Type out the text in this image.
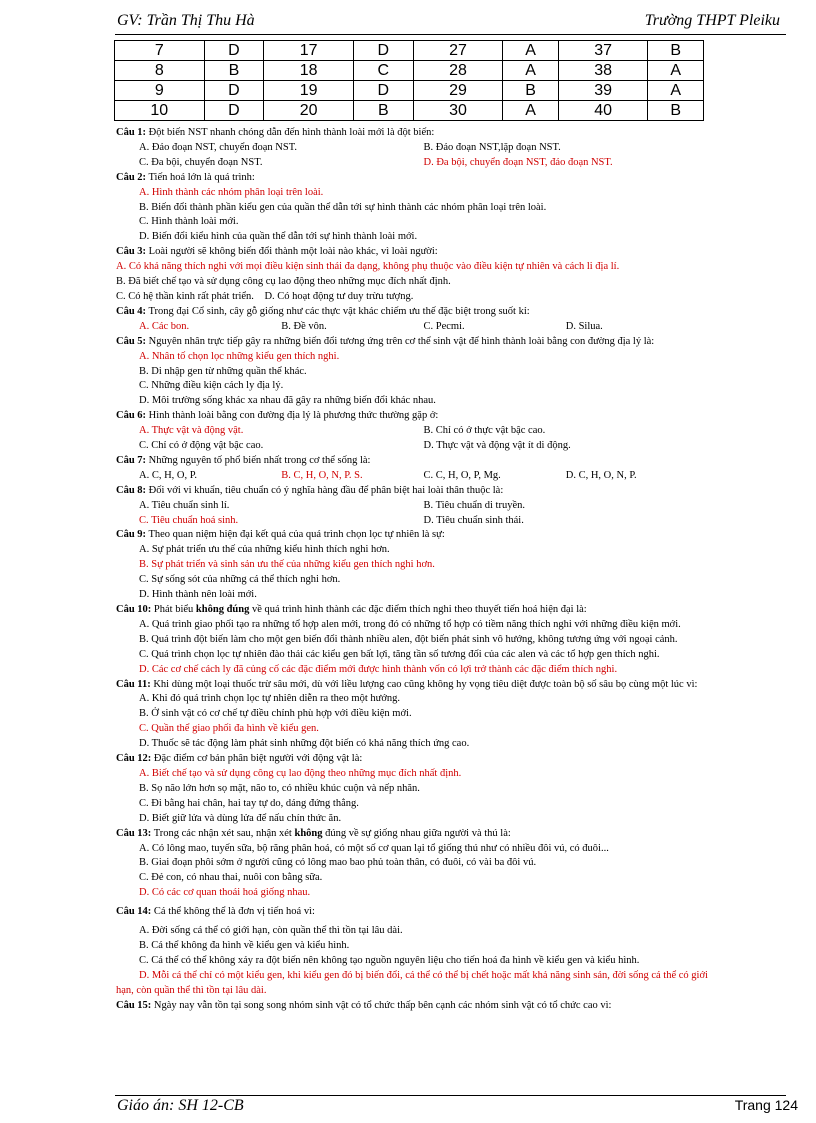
GV: Trần Thị Thu Hà	Trường THPT Pleiku
7	D	17	D	27	A	37	B
8	B	18	C	28	A	38	A
9	D	19	D	29	B	39	A
10	D	20	B	30	A	40	B
Câu 1: Đột biến NST nhanh chóng dẫn đến hình thành loài mới là đột biến:
A. Đảo đoạn NST, chuyển đoạn NST.	B. Đảo đoạn NST,lặp đoạn NST.
C. Đa bội, chuyển đoạn NST.	D. Đa bội, chuyển đoạn NST, đảo đoạn NST.
Câu 2: Tiến hoá lớn là quá trình:
A. Hình thành các nhóm phân loại trên loài.
B. Biến đổi thành phần kiểu gen của quần thể dẫn tới sự hình thành các nhóm phân loại trên loài.
C. Hình thành loài mới.
D. Biến đổi kiểu hình của quần thể dẫn tới sự hình thành loài mới.
Câu 3: Loài người sẽ không biến đổi thành một loài nào khác, vì loài người:
A. Có khả năng thích nghi với mọi điều kiện sinh thái đa dạng, không phụ thuộc vào điều kiện tự nhiên và cách li địa lí.
B. Đã biết chế tạo và sử dụng công cụ lao động theo những mục đích nhất định.
C. Có hệ thần kinh rất phát triển. D. Có hoạt động tư duy trừu tượng.
Câu 4: Trong đại Cổ sinh, cây gỗ giống như các thực vật khác chiếm ưu thế đặc biệt trong suốt kỉ:
A. Các bon.	B. Đề vôn.	C. Pecmi.	D. Silua.
Câu 5: Nguyên nhân trực tiếp gây ra những biến đổi tương ứng trên cơ thể sinh vật để hình thành loài bằng con đường địa lý là:
A. Nhân tố chọn lọc những kiểu gen thích nghi.
B. Di nhập gen từ những quần thể khác.
C. Những điều kiện cách ly địa lý.
D. Môi trường sống khác xa nhau đã gây ra những biến đổi khác nhau.
Câu 6: Hình thành loài bằng con đường địa lý là phương thức thường gặp ở:
A. Thực vật và động vật.	B. Chỉ có ở thực vật bậc cao.
C. Chỉ có ở động vật bậc cao.	D. Thực vật và động vật ít di động.
Câu 7: Những nguyên tố phổ biến nhất trong cơ thể sống là:
A. C, H, O, P.	B. C, H, O, N, P. S.	C. C, H, O, P, Mg.	D. C, H, O, N, P.
Câu 8: Đối với vi khuẩn, tiêu chuẩn có ý nghĩa hàng đầu để phân biệt hai loài thân thuộc là:
A. Tiêu chuẩn sinh lí.	B. Tiêu chuẩn di truyền.
C. Tiêu chuẩn hoá sinh.	D. Tiêu chuẩn sinh thái.
Câu 9: Theo quan niệm hiện đại kết quả của quá trình chọn lọc tự nhiên là sự:
A. Sự phát triển ưu thế của những kiểu hình thích nghi hơn.
B. Sự phát triển và sinh sản ưu thế của những kiểu gen thích nghi hơn.
C. Sự sống sót của những cá thể thích nghi hơn.
D. Hình thành nên loài mới.
Câu 10: Phát biểu không đúng về quá trình hình thành các đặc điểm thích nghi theo thuyết tiến hoá hiện đại là:
A. Quá trình giao phối tạo ra những tổ hợp alen mới, trong đó có những tổ hợp có tiềm năng thích nghi với những điều kiện mới.
B. Quá trình đột biến làm cho một gen biến đổi thành nhiều alen, đột biến phát sinh vô hướng, không tương ứng với ngoại cảnh.
C. Quá trình chọn lọc tự nhiên đào thải các kiểu gen bất lợi, tăng tần số tương đối của các alen và các tổ hợp gen thích nghi.
D. Các cơ chế cách ly đã củng cố các đặc điểm mới được hình thành vốn có lợi trở thành các đặc điểm thích nghi.
Câu 11: Khi dùng một loại thuốc trừ sâu mới, dù với liều lượng cao cũng không hy vọng tiêu diệt được toàn bộ số sâu bọ cùng một lúc vì:
A. Khi đó quá trình chọn lọc tự nhiên diễn ra theo một hướng.
B. Ở sinh vật có cơ chế tự điều chỉnh phù hợp với điều kiện mới.
C. Quần thể giao phối đa hình về kiểu gen.
D. Thuốc sẽ tác động làm phát sinh những đột biến có khả năng thích ứng cao.
Câu 12: Đặc điểm cơ bản phân biệt người với động vật là:
A. Biết chế tạo và sử dụng công cụ lao động theo những mục đích nhất định.
B. Sọ não lớn hơn sọ mặt, não to, có nhiều khúc cuộn và nếp nhăn.
C. Đi bằng hai chân, hai tay tự do, dáng đứng thẳng.
D. Biết giữ lửa và dùng lửa để nấu chín thức ăn.
Câu 13: Trong các nhận xét sau, nhận xét không đúng về sự giống nhau giữa người và thú là:
A. Có lông mao, tuyến sữa, bộ răng phân hoá, có một số cơ quan lại tổ giống thú như có nhiều đôi vú, có đuôi...
B. Giai đoạn phôi sớm ở người cũng có lông mao bao phủ toàn thân, có đuôi, có vài ba đôi vú.
C. Đẻ con, có nhau thai, nuôi con bằng sữa.
D. Có các cơ quan thoái hoá giống nhau.
Câu 14: Cá thể không thể là đơn vị tiến hoá vì:
A. Đời sống cá thể có giới hạn, còn quần thể thì tồn tại lâu dài.
B. Cá thể không đa hình về kiểu gen và kiểu hình.
C. Cá thể có thể không xảy ra đột biến nên không tạo nguồn nguyên liệu cho tiến hoá đa hình về kiểu gen và kiểu hình.
D. Mỗi cá thể chỉ có một kiểu gen, khi kiểu gen đó bị biến đổi, cá thể có thể bị chết hoặc mất khả năng sinh sản, đời sống cá thể có giới hạn, còn quần thể thì tồn tại lâu dài.
Câu 15: Ngày nay vẫn tồn tại song song nhóm sinh vật có tổ chức thấp bên cạnh các nhóm sinh vật có tổ chức cao vì:
Giáo án: SH 12-CB	Trang 124
